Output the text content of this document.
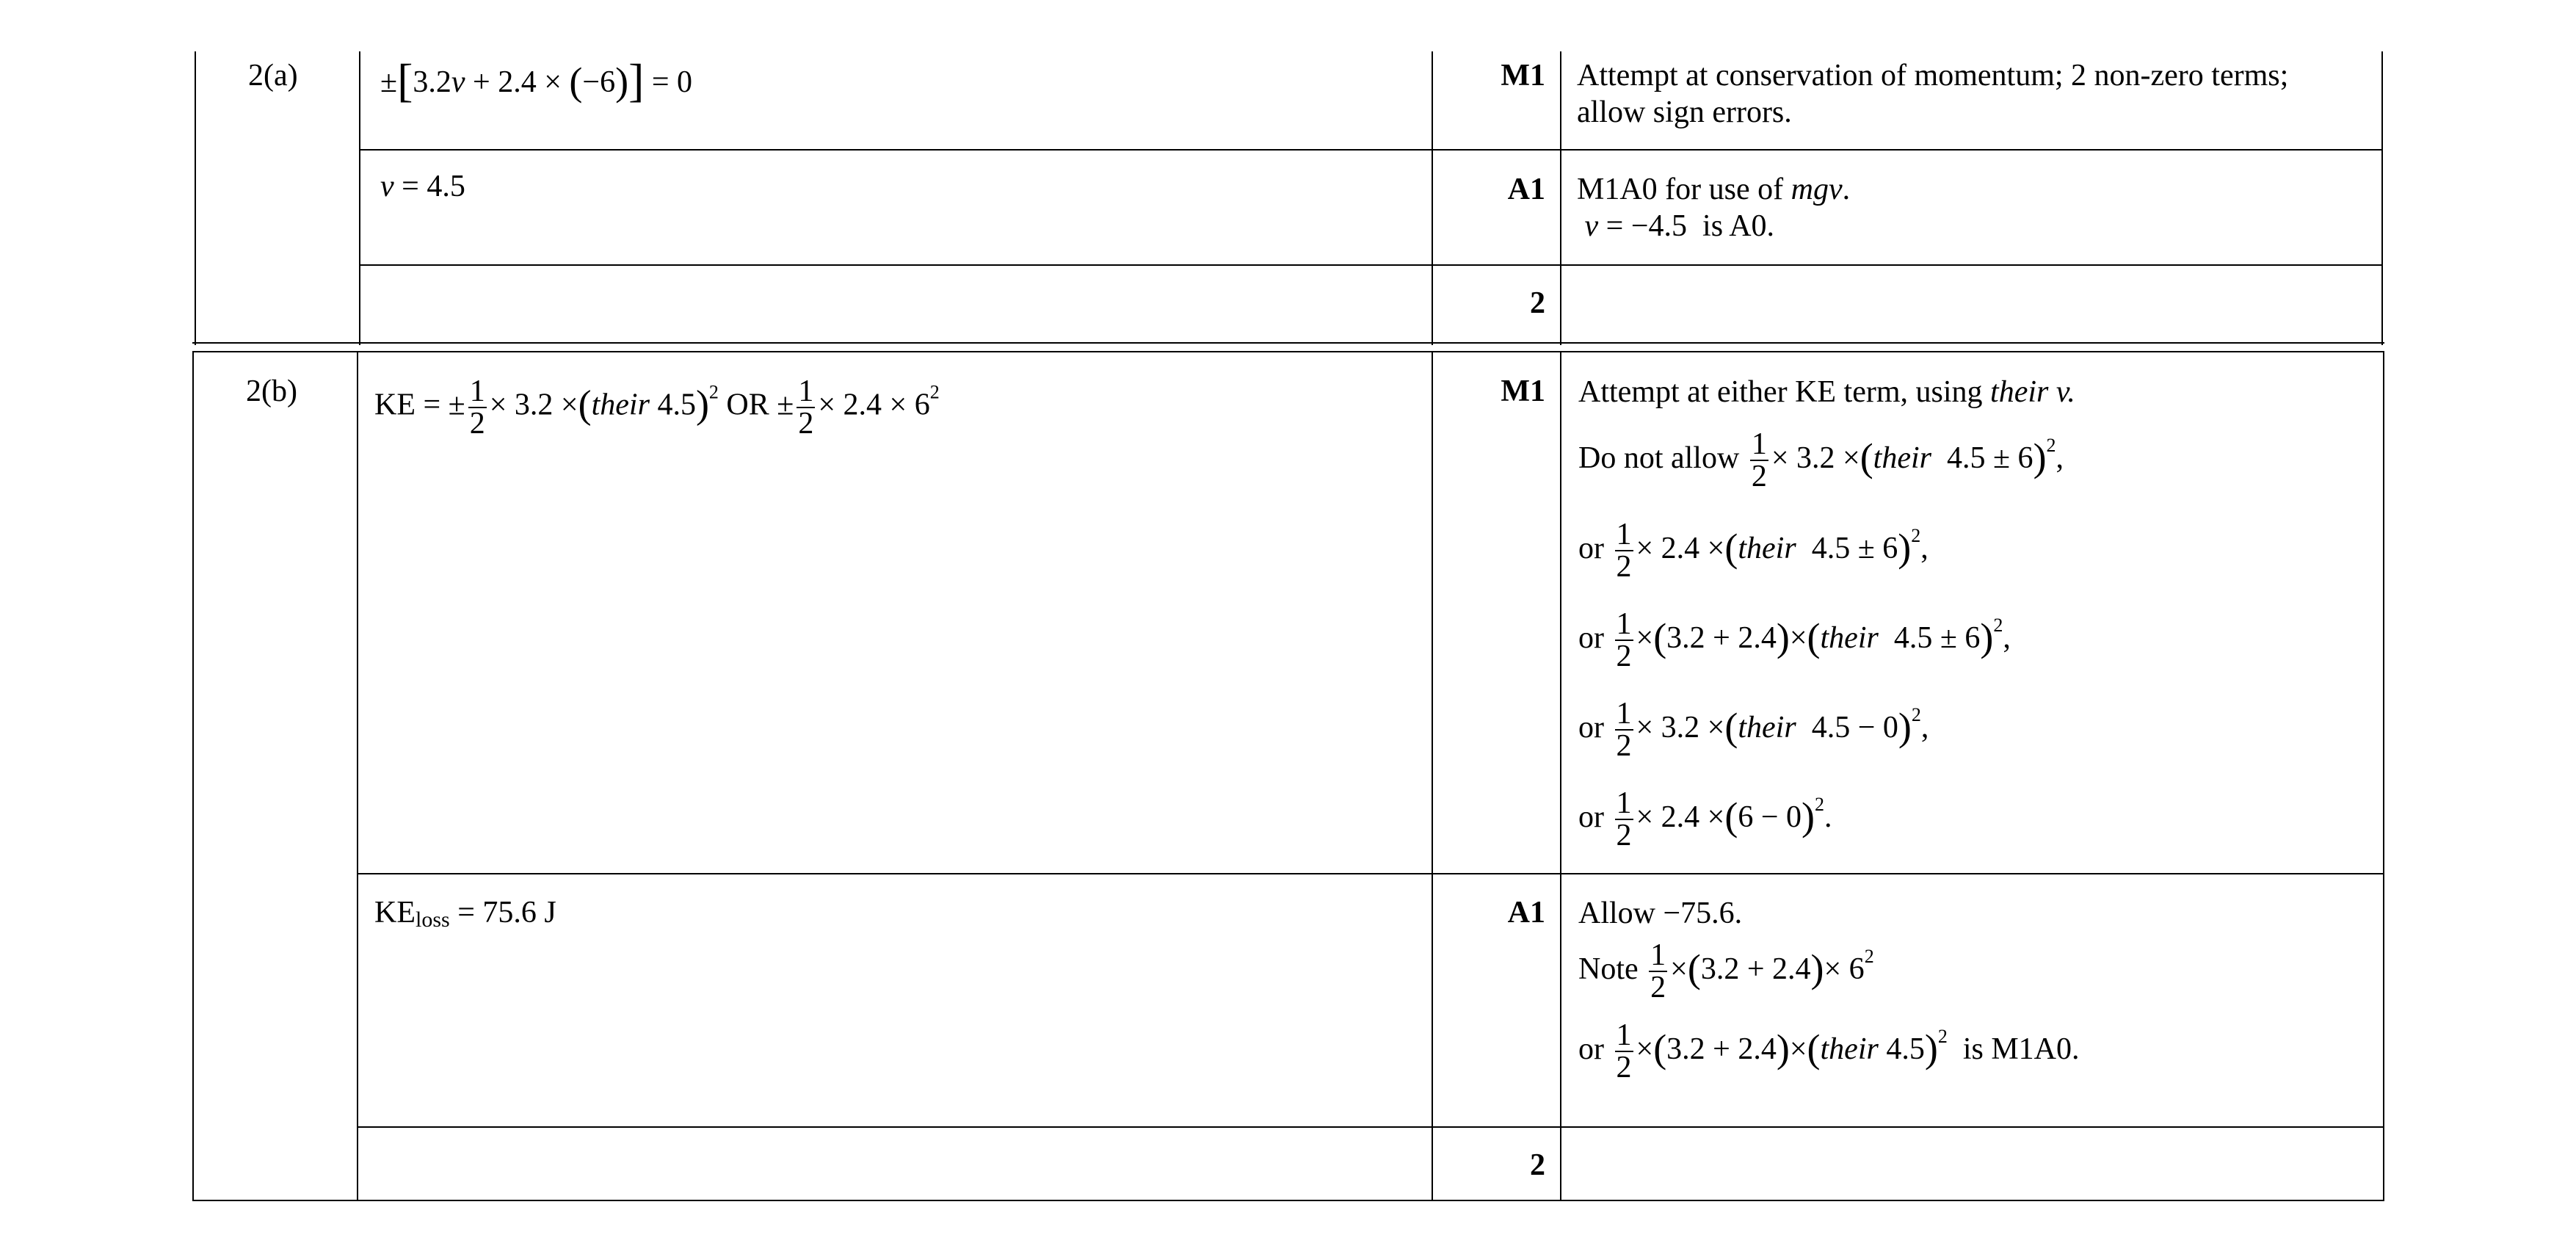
2(a)	±[3.2v + 2.4 × (−6)] = 0	M1 Attempt at conservation of momentum; 2 non-zero terms;
allow sign errors.
v = 4.5	A1 M1A0 for use of mgv.
v = −4.5  is A0.
2
2(b)	KE = ± $\frac{1}{2} \times 3.2$ ×(their 4.5)$^2$ OR ± $\frac{1}{2} \times 2.4 \times 6^2$	M1 Attempt at either KE term, using their v.
Do not allow $\frac{1}{2} \times 3.2$ ×(their  4.5 ± 6)$^2$,
or $\frac{1}{2} \times 2.4$ ×(their  4.5 ± 6)$^2$,
or $\frac{1}{2} \times(3.2$ + 2.4)×(their  4.5 ± 6)$^2$,
or $\frac{1}{2} \times 3.2$ ×(their  4.5 − 0)$^2$,
or $\frac{1}{2} \times 2.4 \times(6 - 0)^2$.
$KE_{loss} = 75.6$ J	A1 Allow −75.6.
Note $\frac{1}{2} \times(3.2 + 2.4)\times 6^2$
or $\frac{1}{2} \times(3.2$ + 2.4)×(their 4.5)$^2$  is M1A0.
2
